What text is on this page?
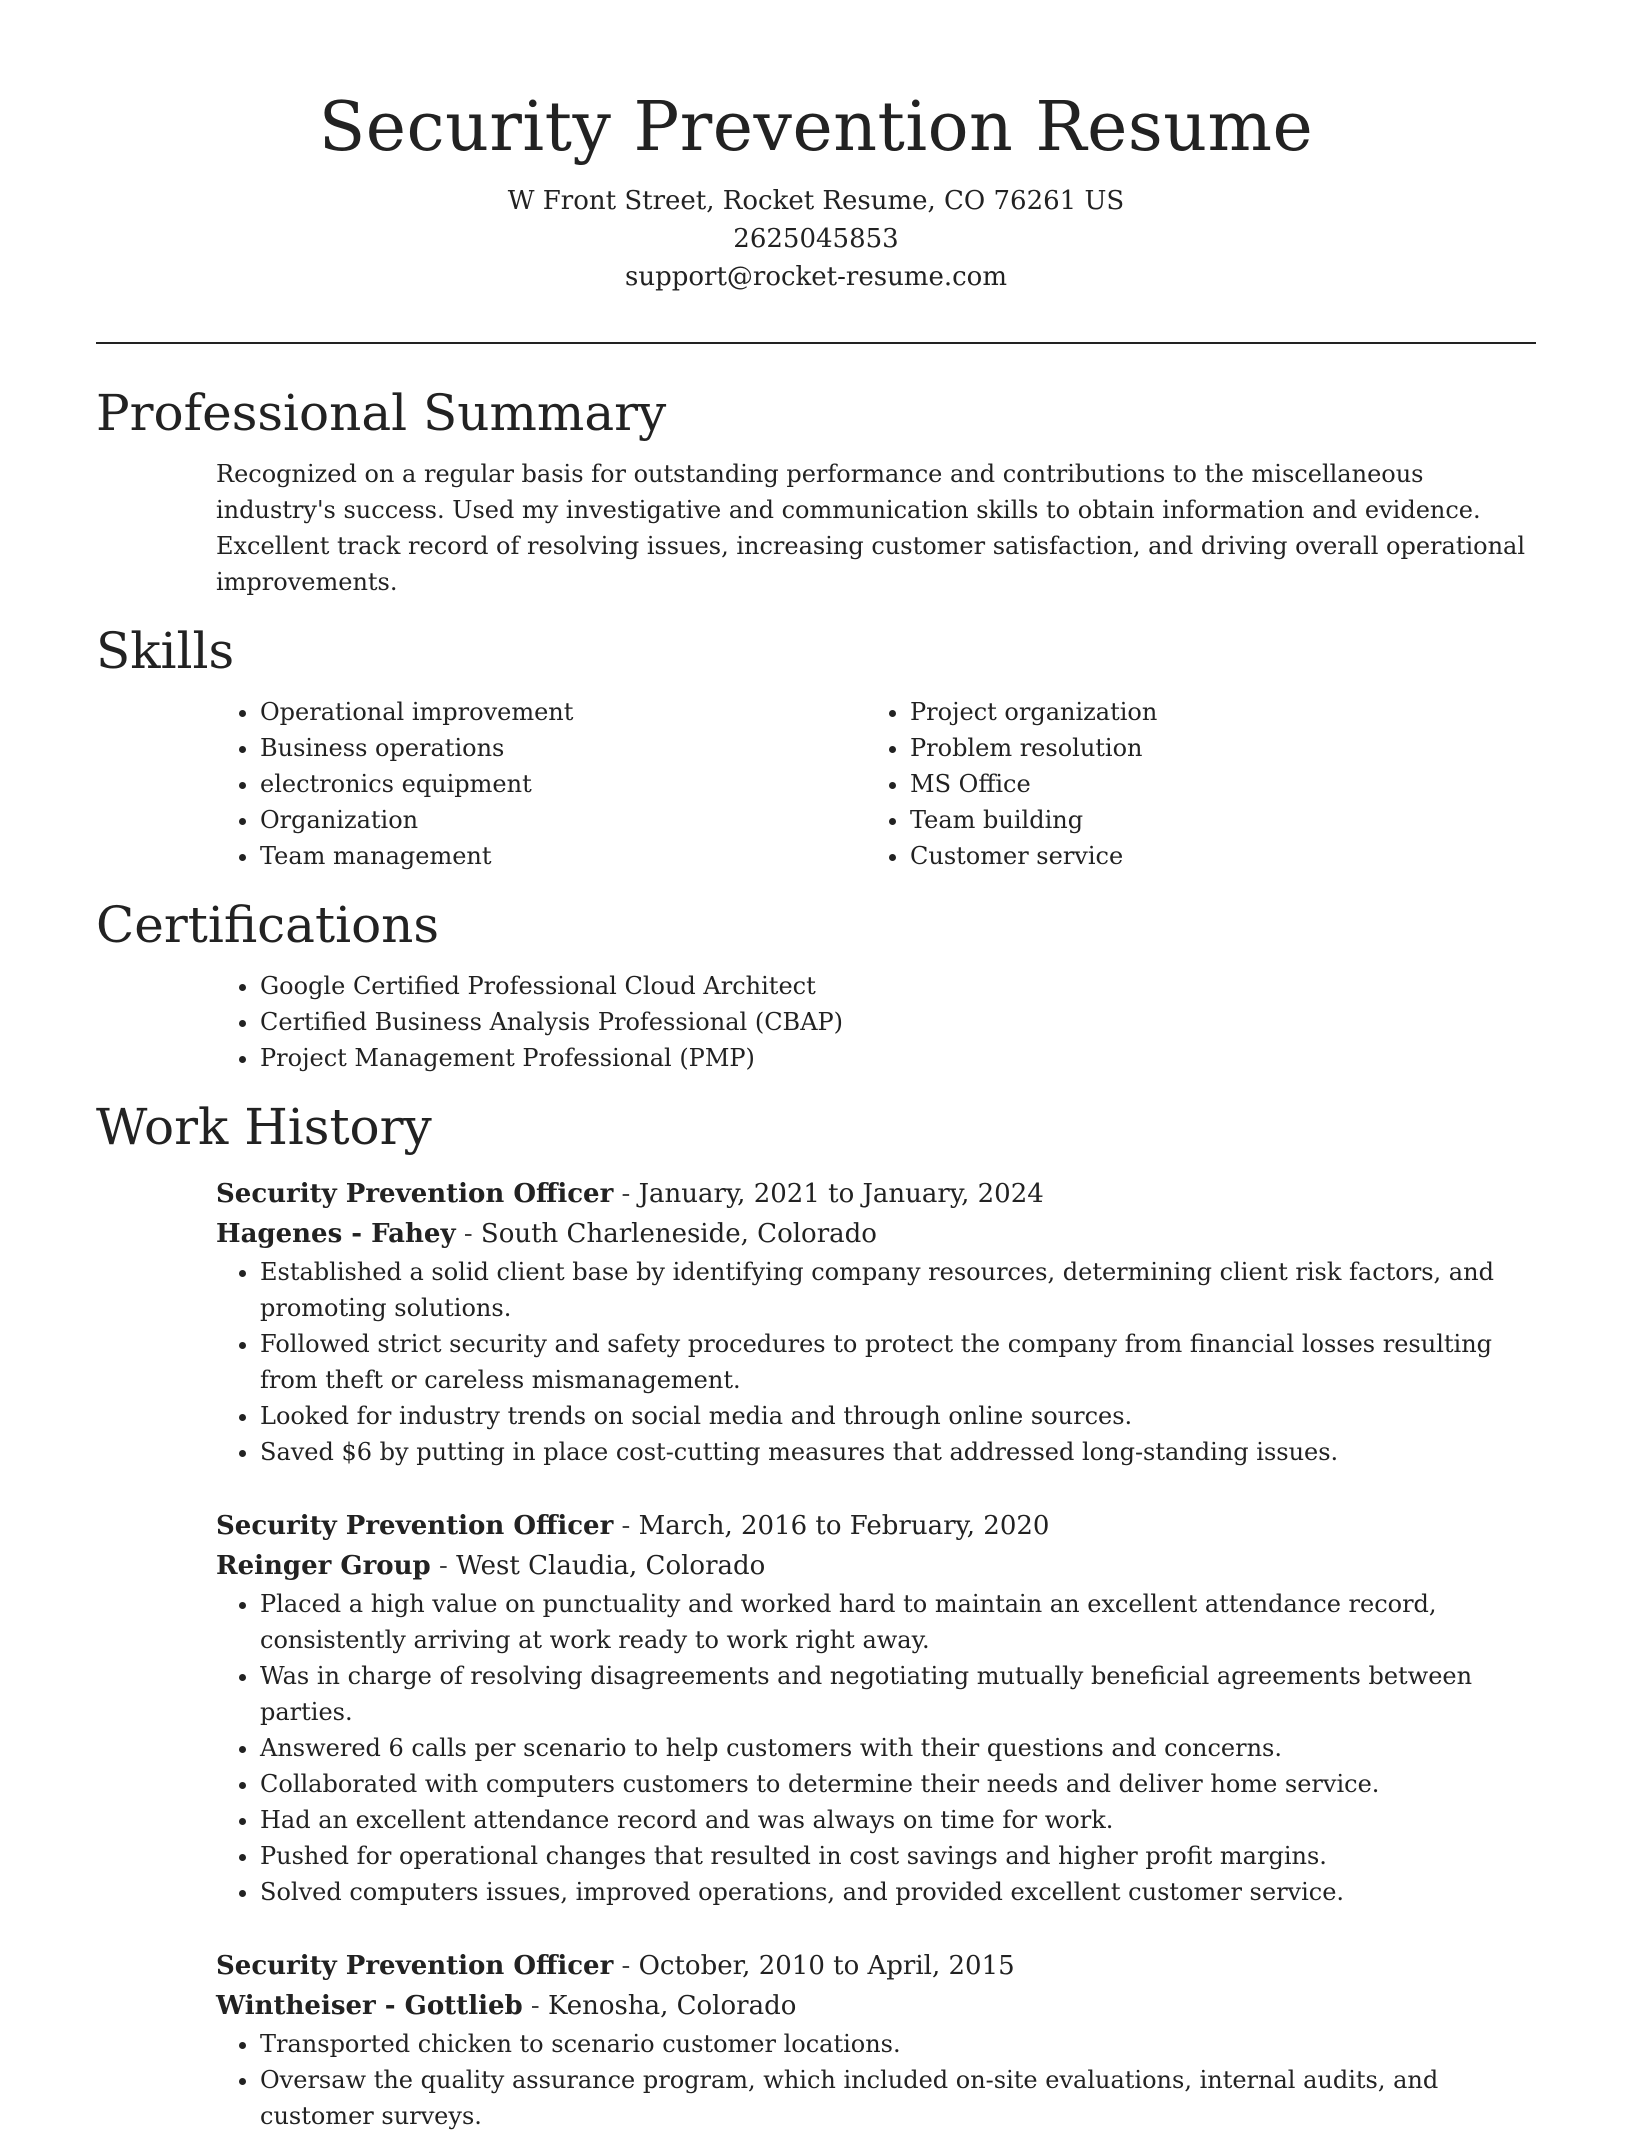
Security Prevention Resume

W Front Street, Rocket Resume, CO 76261 US

2625045853

support@rocket-resume.com

Professional Summary

Recognized on a regular basis for outstanding performance and contributions to the miscellaneous industry's success. Used my investigative and communication skills to obtain information and evidence. Excellent track record of resolving issues, increasing customer satisfaction, and driving overall operational improvements.

Skills
• Operational improvement
• Business operations
• electronics equipment
• Organization
• Team management
• Project organization
• Problem resolution
• MS Office
• Team building
• Customer service
Certifications
• Google Certified Professional Cloud Architect
• Certified Business Analysis Professional (CBAP)
• Project Management Professional (PMP)
Work History

Security Prevention Officer - January, 2021 to January, 2024

Hagenes - Fahey - South Charleneside, Colorado

• Established a solid client base by identifying company resources, determining client risk factors, and promoting solutions.
• Followed strict security and safety procedures to protect the company from financial losses resulting from theft or careless mismanagement.
• Looked for industry trends on social media and through online sources.
• Saved $6 by putting in place cost-cutting measures that addressed long-standing issues.

Security Prevention Officer - March, 2016 to February, 2020

Reinger Group - West Claudia, Colorado

• Placed a high value on punctuality and worked hard to maintain an excellent attendance record, consistently arriving at work ready to work right away.
• Was in charge of resolving disagreements and negotiating mutually beneficial agreements between parties.
• Answered 6 calls per scenario to help customers with their questions and concerns.
• Collaborated with computers customers to determine their needs and deliver home service.
• Had an excellent attendance record and was always on time for work.
• Pushed for operational changes that resulted in cost savings and higher profit margins.
• Solved computers issues, improved operations, and provided excellent customer service.

Security Prevention Officer - October, 2010 to April, 2015

Wintheiser - Gottlieb - Kenosha, Colorado

• Transported chicken to scenario customer locations.
• Oversaw the quality assurance program, which included on-site evaluations, internal audits, and customer surveys.
